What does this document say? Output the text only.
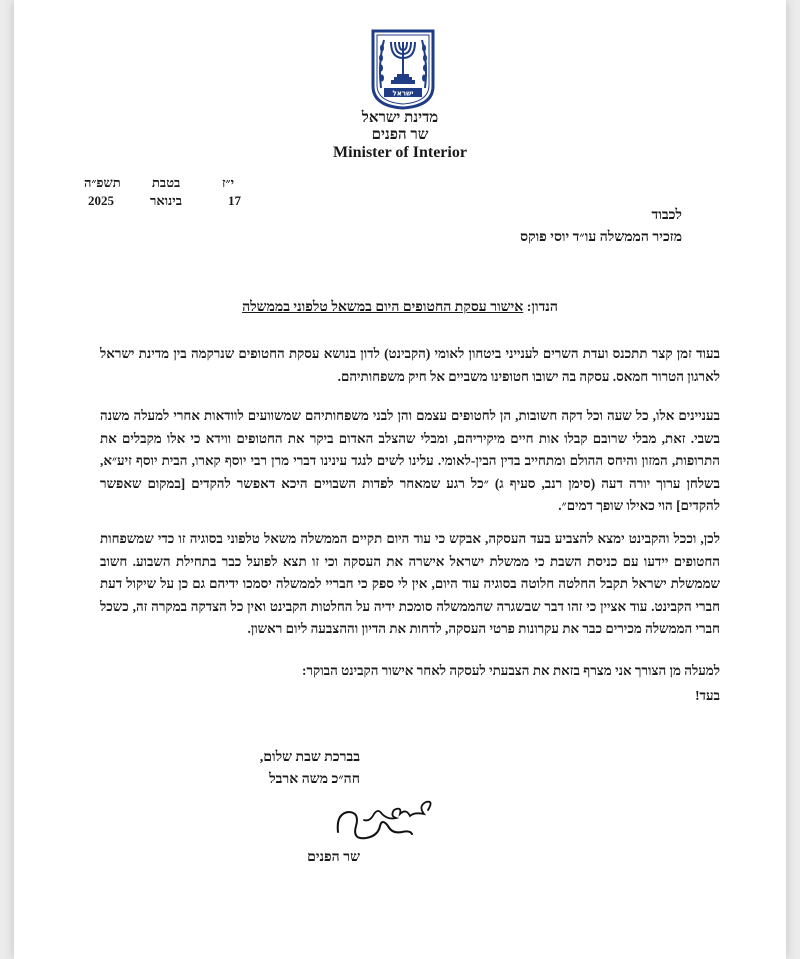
ישראל
מדינת ישראל
שר הפנים
Minister of Interior
י״ז
בטבת
תשפ״ה
17
בינואר
2025
לכבוד
מזכיר הממשלה עו״ד יוסי פוקס
הנדון: אישור עסקת החטופים היום במשאל טלפוני בממשלה

בעוד זמן קצר תתכנס ועדת השרים לענייני ביטחון לאומי (הקבינט) לדון בנושא עסקת החטופים שנרקמה בין מדינת ישראל לארגון הטרור חמאס. עסקה בה ישובו חטופינו משביים אל חיק משפחותיהם.

בעניינים אלו, כל שעה וכל דקה חשובות, הן לחטופים עצמם והן לבני משפחותיהם שמשוועים לוודאות אחרי למעלה משנה בשבי. זאת, מבלי שרובם קבלו אות חיים מיקיריהם, ומבלי שהצלב האדום ביקר את החטופים ווידא כי אלו מקבלים את התרופות, המזון והיחס ההולם ומתחייב בדין הבין-לאומי. עלינו לשים לנגד עינינו דברי מרן רבי יוסף קארו, הבית יוסף זיע״א, בשלחן ערוך יורה דעה (סימן רנב, סעיף ג) ״כל רגע שמאחר לפדות השבויים היכא דאפשר להקדים [במקום שאפשר להקדים] הוי כאילו שופך דמים״.

לכן, וככל והקבינט ימצא להצביע בעד העסקה, אבקש כי עוד היום תקיים הממשלה משאל טלפוני בסוגיה זו כדי שמשפחות החטופים יידעו עם כניסת השבת כי ממשלת ישראל אישרה את העסקה וכי זו תצא לפועל כבר בתחילת השבוע. חשוב שממשלת ישראל תקבל החלטה חלוטה בסוגיה עוד היום, אין לי ספק כי חבריי לממשלה יסמכו ידיהם גם כן על שיקול דעת חברי הקבינט. עוד אציין כי זהו דבר שבשגרה שהממשלה סומכת ידיה על החלטות הקבינט ואין כל הצדקה במקרה זה, כשכל חברי הממשלה מכירים כבר את עקרונות פרטי העסקה, לדחות את הדיון וההצבעה ליום ראשון.

למעלה מן הצורך אני מצרף בזאת את הצבעתי לעסקה לאחר אישור הקבינט הבוקר:

בעד!

בברכת שבת שלום,
חה״כ משה ארבל
שר הפנים
